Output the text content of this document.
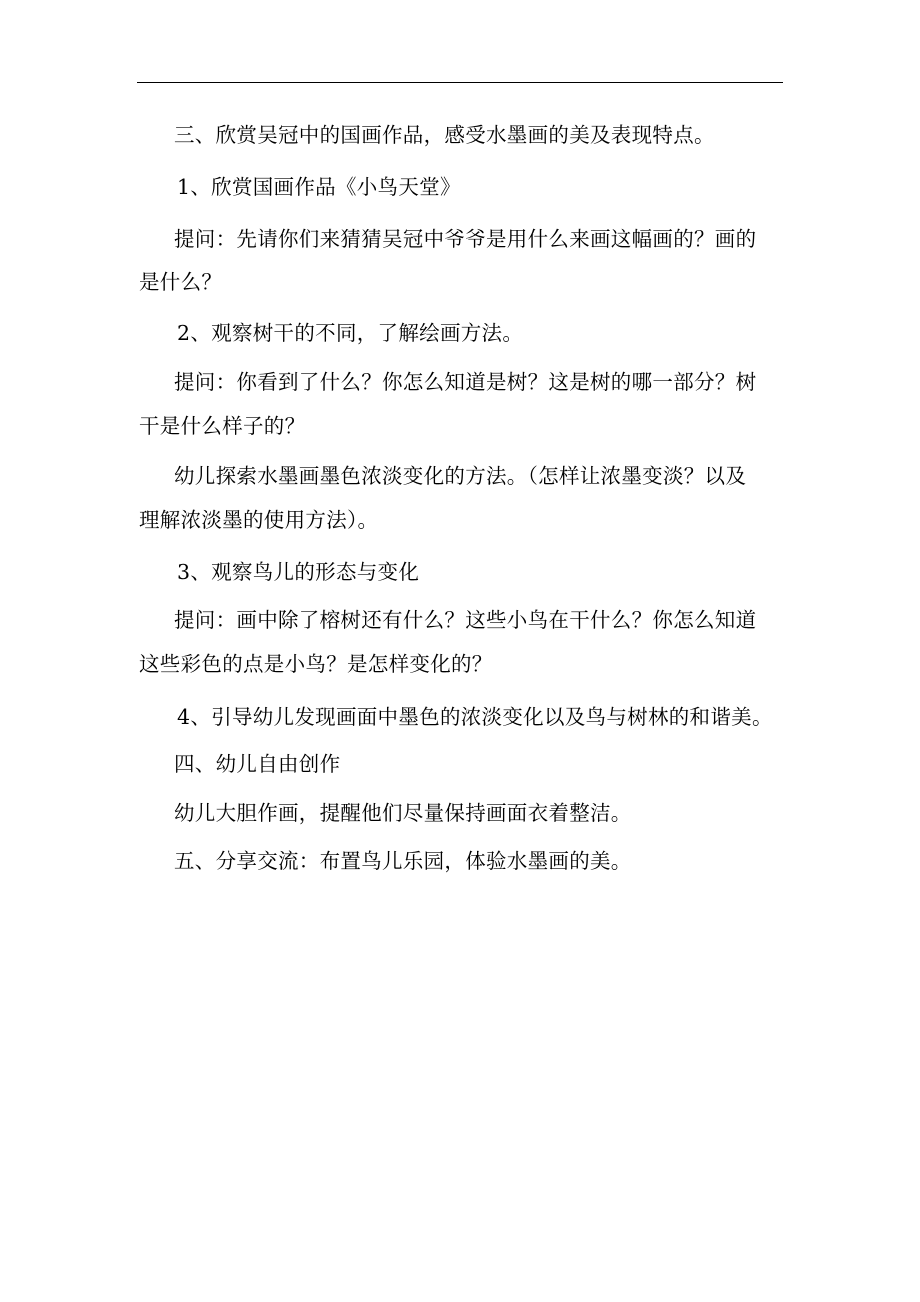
三、欣赏吴冠中的国画作品，感受水墨画的美及表现特点。
1、欣赏国画作品《小鸟天堂》
提问：先请你们来猜猜吴冠中爷爷是用什么来画这幅画的？画的
是什么？
2、观察树干的不同，了解绘画方法。
提问：你看到了什么？你怎么知道是树？这是树的哪一部分？树
干是什么样子的？
幼儿探索水墨画墨色浓淡变化的方法。（怎样让浓墨变淡？以及
理解浓淡墨的使用方法）。
3、观察鸟儿的形态与变化
提问：画中除了榕树还有什么？这些小鸟在干什么？你怎么知道
这些彩色的点是小鸟？是怎样变化的？
4、引导幼儿发现画面中墨色的浓淡变化以及鸟与树林的和谐美。
四、幼儿自由创作
幼儿大胆作画，提醒他们尽量保持画面衣着整洁。
五、分享交流：布置鸟儿乐园，体验水墨画的美。
